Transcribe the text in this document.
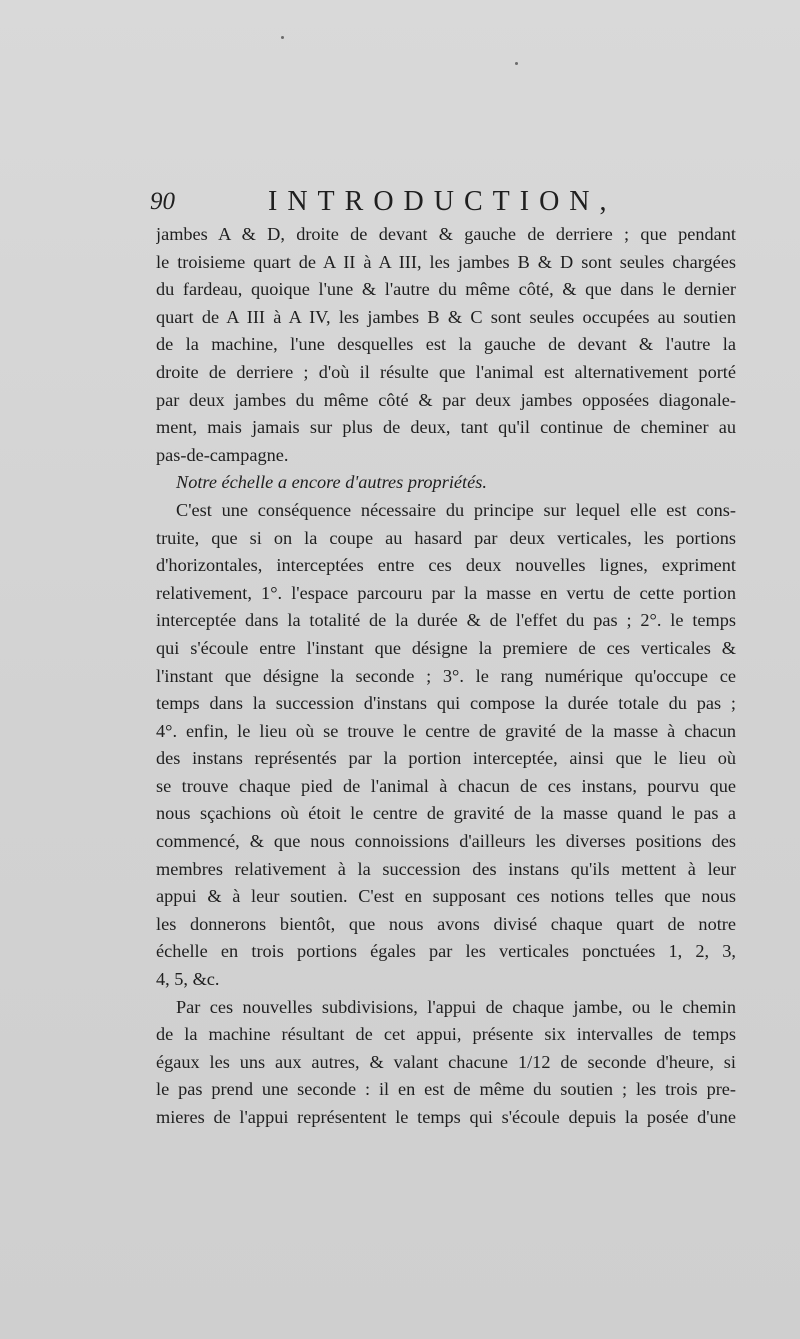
90	INTRODUCTION,
jambes A & D, droite de devant & gauche de derriere ; que pendant
le troisieme quart de A II à A III, les jambes B & D sont seules chargées
du fardeau, quoique l'une & l'autre du même côté, & que dans le dernier
quart de A III à A IV, les jambes B & C sont seules occupées au soutien
de la machine, l'une desquelles est la gauche de devant & l'autre la
droite de derriere ; d'où il résulte que l'animal est alternativement porté
par deux jambes du même côté & par deux jambes opposées diagonale-
ment, mais jamais sur plus de deux, tant qu'il continue de cheminer au
pas-de-campagne.
Notre échelle a encore d'autres propriétés.
C'est une conséquence nécessaire du principe sur lequel elle est cons-
truite, que si on la coupe au hasard par deux verticales, les portions
d'horizontales, interceptées entre ces deux nouvelles lignes, expriment
relativement, 1°. l'espace parcouru par la masse en vertu de cette portion
interceptée dans la totalité de la durée & de l'effet du pas ; 2°. le temps
qui s'écoule entre l'instant que désigne la premiere de ces verticales &
l'instant que désigne la seconde ; 3°. le rang numérique qu'occupe ce
temps dans la succession d'instans qui compose la durée totale du pas ;
4°. enfin, le lieu où se trouve le centre de gravité de la masse à chacun
des instans représentés par la portion interceptée, ainsi que le lieu où
se trouve chaque pied de l'animal à chacun de ces instans, pourvu que
nous sçachions où étoit le centre de gravité de la masse quand le pas a
commencé, & que nous connoissions d'ailleurs les diverses positions des
membres relativement à la succession des instans qu'ils mettent à leur
appui & à leur soutien. C'est en supposant ces notions telles que nous
les donnerons bientôt, que nous avons divisé chaque quart de notre
échelle en trois portions égales par les verticales ponctuées 1, 2, 3,
4, 5, &c.
Par ces nouvelles subdivisions, l'appui de chaque jambe, ou le chemin
de la machine résultant de cet appui, présente six intervalles de temps
égaux les uns aux autres, & valant chacune 1/12 de seconde d'heure, si
le pas prend une seconde : il en est de même du soutien ; les trois pre-
mieres de l'appui représentent le temps qui s'écoule depuis la posée d'une
